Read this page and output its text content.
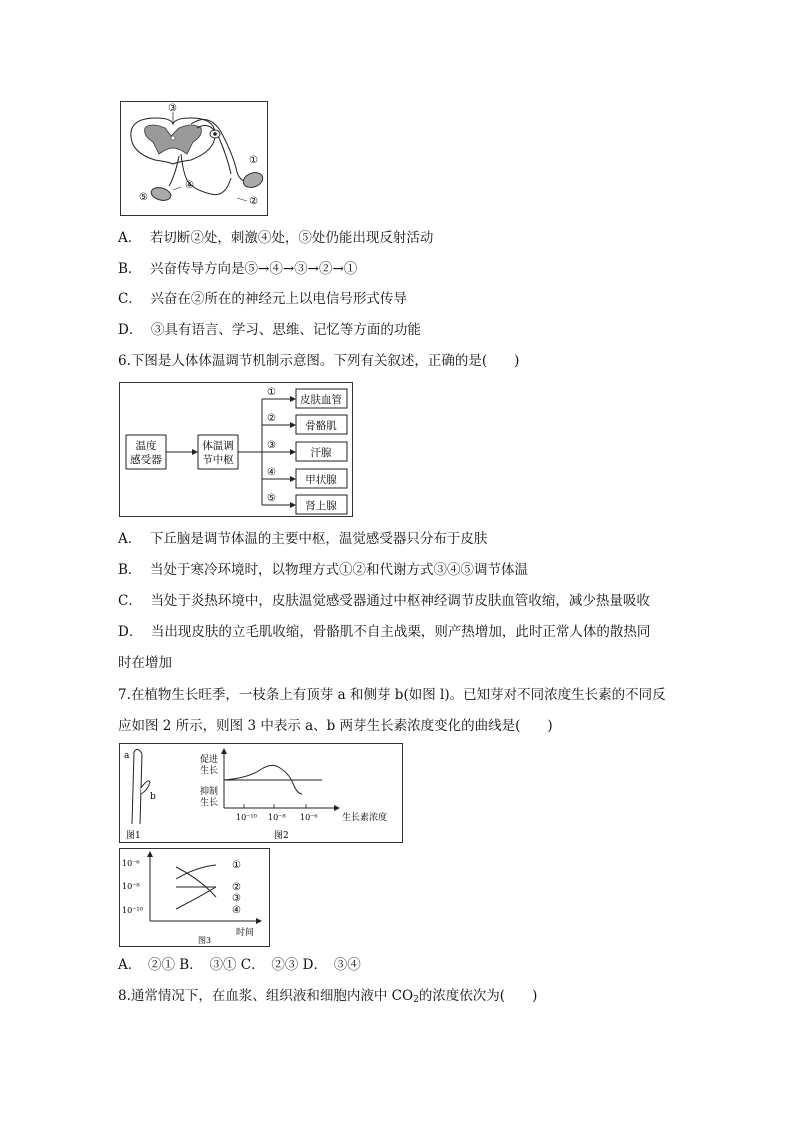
③
①
④
⑤	②
A． 若切断②处，刺激④处，⑤处仍能出现反射活动
B． 兴奋传导方向是⑤→④→③→②→①
C． 兴奋在②所在的神经元上以电信号形式传导
D． ③具有语言、学习、思维、记忆等方面的功能
6.下图是人体体温调节机制示意图。下列有关叙述，正确的是(　　)
温度
感受器
体温调
节中枢
①
皮肤血管
②
骨骼肌
③
汗腺
④
甲状腺
⑤
肾上腺
A． 下丘脑是调节体温的主要中枢，温觉感受器只分布于皮肤
B． 当处于寒冷环境时，以物理方式①②和代谢方式③④⑤调节体温
C． 当处于炎热环境中，皮肤温觉感受器通过中枢神经调节皮肤血管收缩，减少热量吸收
D． 当出现皮肤的立毛肌收缩，骨骼肌不自主战栗，则产热增加，此时正常人体的散热同
时在增加
7.在植物生长旺季，一枝条上有顶芽 a 和侧芽 b(如图 l)。已知芽对不同浓度生长素的不同反
应如图 2 所示，则图 3 中表示 a、b 两芽生长素浓度变化的曲线是(　　)
a
b
图1
促进
生长
抑制
生长
10⁻¹⁰ 10⁻⁸ 10⁻⁶	生长素浓度
图2
10⁻⁶
10⁻⁸
10⁻¹⁰
①
②
③
④
时间
图3
A．　②① B．　③① C．　②③ D．　③④
8.通常情况下，在血浆、组织液和细胞内液中 $CO_2$的浓度依次为(　　)
